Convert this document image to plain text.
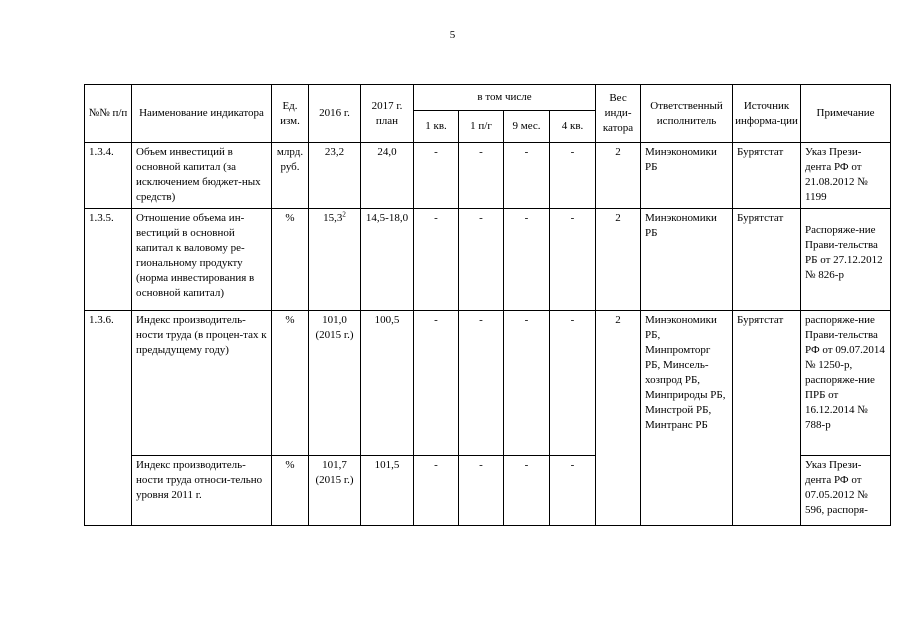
5
№№ п/п	Наименование индикатора	Ед. изм.	2016 г.	2017 г. план	в том числе				Вес инди-катора	Ответственный исполнитель	Источник информа-ции	Примечание
					1 кв.	1 п/г	9 мес.	4 кв.				
1.3.4.	Объем инвестиций в основной капитал (за исключением бюджет-ных средств)	млрд. руб.	23,2	24,0	-	-	-	-	2	Минэкономики РБ	Бурятстат	Указ Прези-дента РФ от 21.08.2012 № 1199
1.3.5.	Отношение объема ин-вестиций в основной капитал к валовому ре-гиональному продукту (норма инвестирования в основной капитал)	%	15,3$^2$	14,5-18,0	-	-	-	-	2	Минэкономики РБ	Бурятстат	Распоряже-ние Прави-тельства РБ от 27.12.2012 № 826-р
1.3.6.	Индекс производитель-ности труда (в процен-тах к предыдущему году)	%	101,0 (2015 г.)	100,5	-	-	-	-	2	Минэкономики РБ, Минпромторг РБ, Минсель-хозпрод РБ, Минприроды РБ, Минстрой РБ, Минтранс РБ	Бурятстат	распоряже-ние Прави-тельства РФ от 09.07.2014 № 1250-р, распоряже-ние ПРБ от 16.12.2014 № 788-р
	Индекс производитель-ности труда относи-тельно уровня 2011 г.	%	101,7 (2015 г.)	101,5	-	-	-	-				Указ Прези-дента РФ от 07.05.2012 № 596, распоря-
